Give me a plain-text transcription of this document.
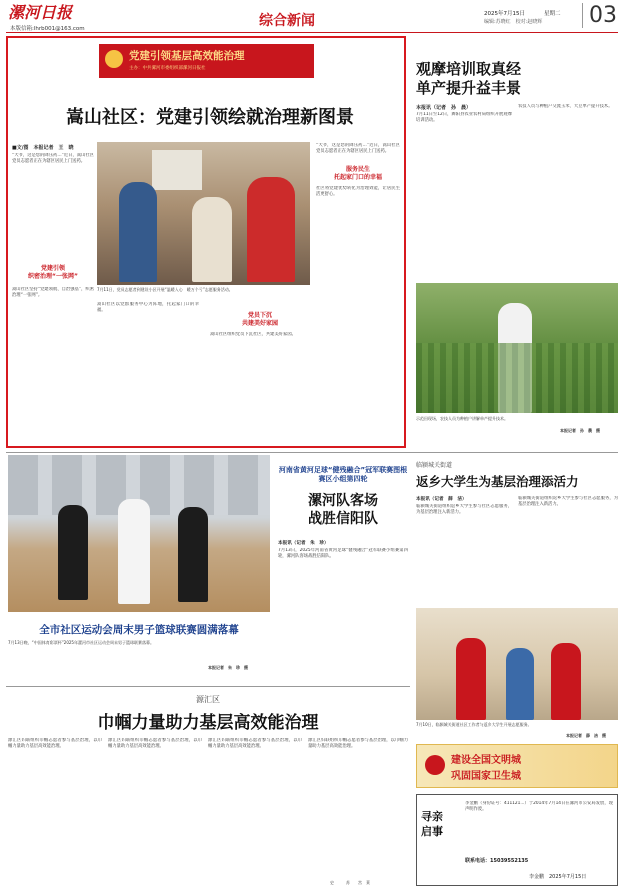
漯河日报
本版信箱:lhrb001@163.com	综合新闻	2025年7月15日	星期二
编辑:苏晓红　校对:赵晓辉	03
党建引领基层高效能治理
主办：中共漯河市委组织部漯河日报社
嵩山社区：党建引领绘就治理新图景
■文/图　本报记者　王　晓
“大爷，这是您的降压药…”近日，嵩山社区党员志愿者正在为辖区居民上门送药。
党建引领
织密治理“一张网”
嵩山社区坚持“党建领航、自治强基”，织密治理“一张网”。
7月11日，党员志愿者到建设小区开展“温暖入心　暖万个亏”志愿服务活动。
嵩山社区以党群服务中心为阵地，托起家门口的幸福。
党员下沉
共建美好家园
嵩山社区组织党员下沉社区，共建美好家园。
服务民生
托起家门口的幸福
“大爷，这是您的降压药…”近日，嵩山社区党员志愿者正在为辖区居民上门送药。
社区将党建优势转化为治理效能，让居民生活更舒心。
观摩培训取真经
单产提升益丰景
本报讯（记者　孙　晨）
7月11日至12日，舞阳县农业农村局组织开展观摩培训活动。
农技人员与种植户交流玉米、大豆单产提升技术。
示范田现场，农技人员为种植户讲解单产提升技术。
本报记者　孙　晨　摄
全市社区运动会周末男子篮球联赛圆满落幕
7月13日晚，“中国体育彩票杯”2025年漯河市社区运动会周末男子篮球联赛落幕。
本报记者　朱　珍　摄
河南省黄河足球“健残融合”冠军联赛图根赛区小组第四轮
漯河队客场
战胜信阳队
本报讯（记者　朱　珍）
7月13日，2025年河南省黄河足球“健残融合”冠军联赛小组赛第四轮，漯河队客场战胜信阳队。
临颍城关街道
返乡大学生为基层治理添活力
本报讯（记者　薛　洁）
临颍城关街道组织返乡大学生参与社区志愿服务，为基层治理注入新活力。
临颍城关街道组织返乡大学生参与社区志愿服务，为基层治理注入新活力。
7月10日，临颍城关街道社区工作者与返乡大学生开展志愿服务。
本报记者　薛　洁　摄
源汇区
巾帼力量助力基层高效能治理
源汇区妇联组织巾帼志愿者参与基层治理，以巾帼力量助力基层高效能治理。
源汇区妇联组织巾帼志愿者参与基层治理，以巾帼力量助力基层高效能治理。
源汇区妇联组织巾帼志愿者参与基层治理，以巾帼力量助力基层高效能治理。
源汇区妇联组织巾帼志愿者参与基层治理，以巾帼力量助力基层高效能治理。
史　　　苏　　宫　莱
建设全国文明城
巩固国家卫生城
寻亲
启事
李金鹏（身份证号：411121...）于2014年7月14日在漯河市公安局发放，现声明作废。
联系电话：15039552135
李金鹏　2025年7月15日
